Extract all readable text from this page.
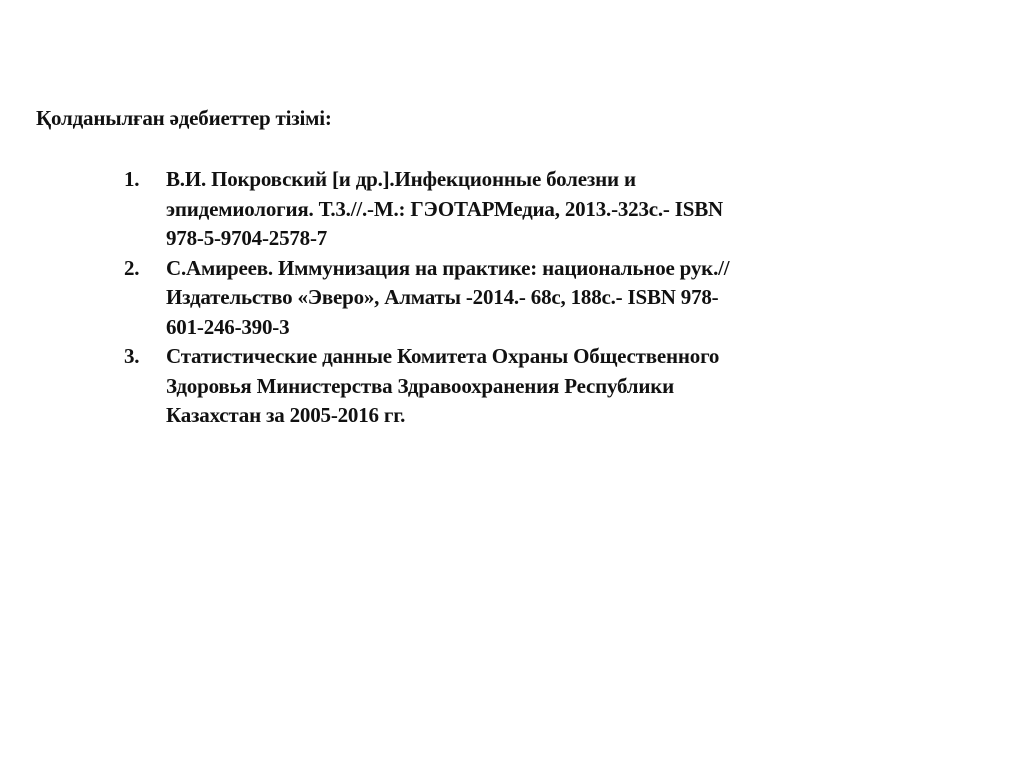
Қолданылған әдебиеттер тізімі:
1. В.И. Покровский [и др.].Инфекционные болезни и
эпидемиология. Т.3.//.-М.: ГЭОТАРМедиа, 2013.-323с.- ISBN
978-5-9704-2578-7
2. С.Амиреев. Иммунизация на практике: национальное рук.//
Издательство «Эверо», Алматы -2014.- 68с, 188с.- ISBN 978-
601-246-390-3
3. Статистические данные Комитета Охраны Общественного
Здоровья Министерства Здравоохранения Республики
Казахстан за 2005-2016 гг.
